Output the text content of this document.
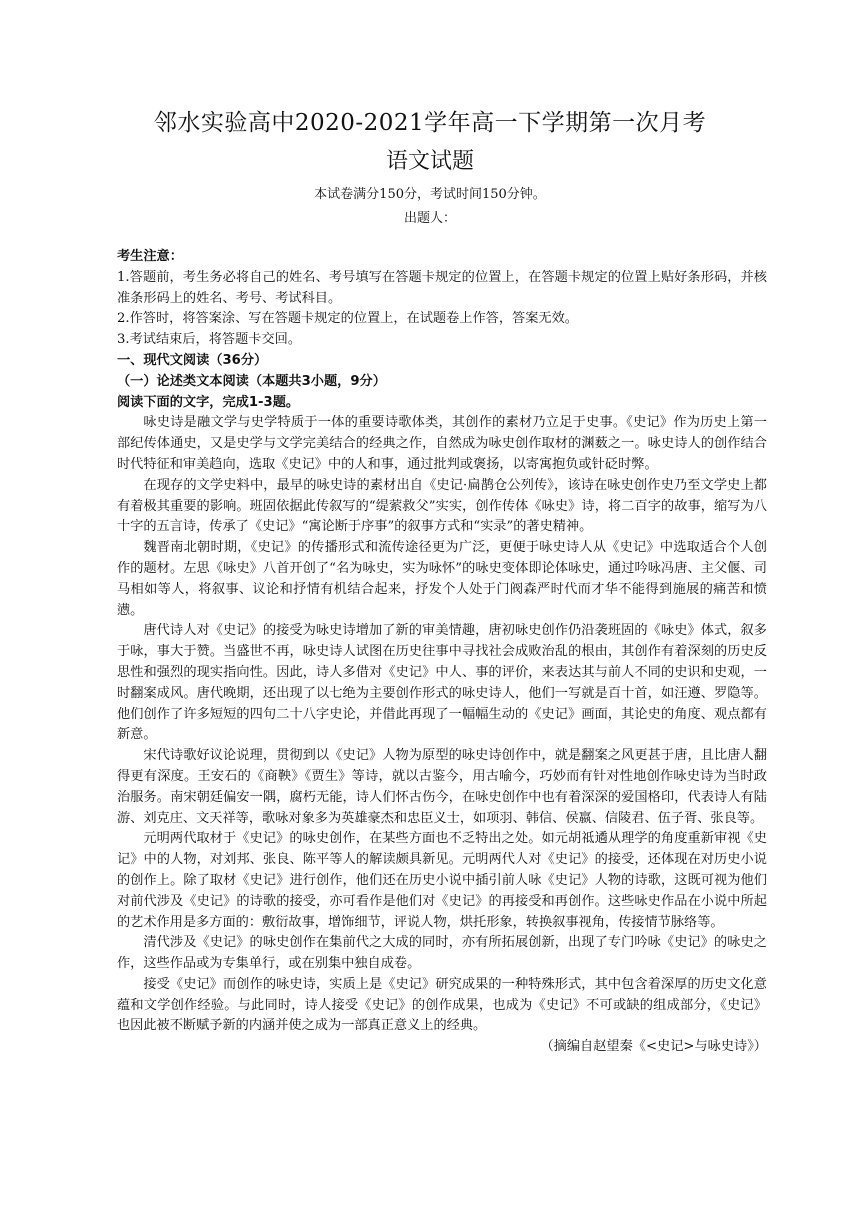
邻水实验高中2020-2021学年高一下学期第一次月考
语文试题
本试卷满分150分，考试时间150分钟。
出题人：

考生注意：

1.答题前，考生务必将自己的姓名、考号填写在答题卡规定的位置上，在答题卡规定的位置上贴好条形码，并核准条形码上的姓名、考号、考试科目。

2.作答时，将答案涂、写在答题卡规定的位置上，在试题卷上作答，答案无效。

3.考试结束后，将答题卡交回。

一、现代文阅读（36分）

（一）论述类文本阅读（本题共3小题，9分）

阅读下面的文字，完成1-3题。

咏史诗是融文学与史学特质于一体的重要诗歌体类，其创作的素材乃立足于史事。《史记》作为历史上第一部纪传体通史，又是史学与文学完美结合的经典之作，自然成为咏史创作取材的渊薮之一。咏史诗人的创作结合时代特征和审美趋向，选取《史记》中的人和事，通过批判或褒扬，以寄寓抱负或针砭时弊。

在现存的文学史料中，最早的咏史诗的素材出自《史记·扁鹊仓公列传》，该诗在咏史创作史乃至文学史上都有着极其重要的影响。班固依据此传叙写的“缇萦救父”实实，创作传体《咏史》诗，将二百字的故事，缩写为八十字的五言诗，传承了《史记》“寓论断于序事”的叙事方式和“实录”的著史精神。

魏晋南北朝时期，《史记》的传播形式和流传途径更为广泛，更便于咏史诗人从《史记》中选取适合个人创作的题材。左思《咏史》八首开创了“名为咏史，实为咏怀”的咏史变体即论体咏史，通过吟咏冯唐、主父偃、司马相如等人，将叙事、议论和抒情有机结合起来，抒发个人处于门阀森严时代而才华不能得到施展的痛苦和愤懑。

唐代诗人对《史记》的接受为咏史诗增加了新的审美情趣，唐初咏史创作仍沿袭班固的《咏史》体式，叙多于咏，事大于赞。当盛世不再，咏史诗人试图在历史往事中寻找社会成败治乱的根由，其创作有着深刻的历史反思性和强烈的现实指向性。因此，诗人多借对《史记》中人、事的评价，来表达其与前人不同的史识和史观，一时翻案成风。唐代晚期，还出现了以七绝为主要创作形式的咏史诗人，他们一写就是百十首，如汪遵、罗隐等。他们创作了许多短短的四句二十八字史论，并借此再现了一幅幅生动的《史记》画面，其论史的角度、观点都有新意。

宋代诗歌好议论说理，贯彻到以《史记》人物为原型的咏史诗创作中，就是翻案之风更甚于唐，且比唐人翻得更有深度。王安石的《商鞅》《贾生》等诗，就以古鉴今，用古喻今，巧妙而有针对性地创作咏史诗为当时政治服务。南宋朝廷偏安一隅，腐朽无能，诗人们怀古伤今，在咏史创作中也有着深深的爱国格印，代表诗人有陆游、刘克庄、文天祥等，歌咏对象多为英雄豪杰和忠臣义士，如项羽、韩信、侯嬴、信陵君、伍子胥、张良等。

元明两代取材于《史记》的咏史创作，在某些方面也不乏特出之处。如元胡祗遹从理学的角度重新审视《史记》中的人物，对刘邦、张良、陈平等人的解读颇具新见。元明两代人对《史记》的接受，还体现在对历史小说的创作上。除了取材《史记》进行创作，他们还在历史小说中插引前人咏《史记》人物的诗歌，这既可视为他们对前代涉及《史记》的诗歌的接受，亦可看作是他们对《史记》的再接受和再创作。这些咏史作品在小说中所起的艺术作用是多方面的：敷衍故事，增饰细节，评说人物，烘托形象，转换叙事视角，传接情节脉络等。

清代涉及《史记》的咏史创作在集前代之大成的同时，亦有所拓展创新，出现了专门吟咏《史记》的咏史之作，这些作品或为专集单行，或在别集中独自成卷。

接受《史记》而创作的咏史诗，实质上是《史记》研究成果的一种特殊形式，其中包含着深厚的历史文化意蕴和文学创作经验。与此同时，诗人接受《史记》的创作成果，也成为《史记》不可或缺的组成部分，《史记》也因此被不断赋予新的内涵并使之成为一部真正意义上的经典。

（摘编自赵望秦《<史记>与咏史诗》）
